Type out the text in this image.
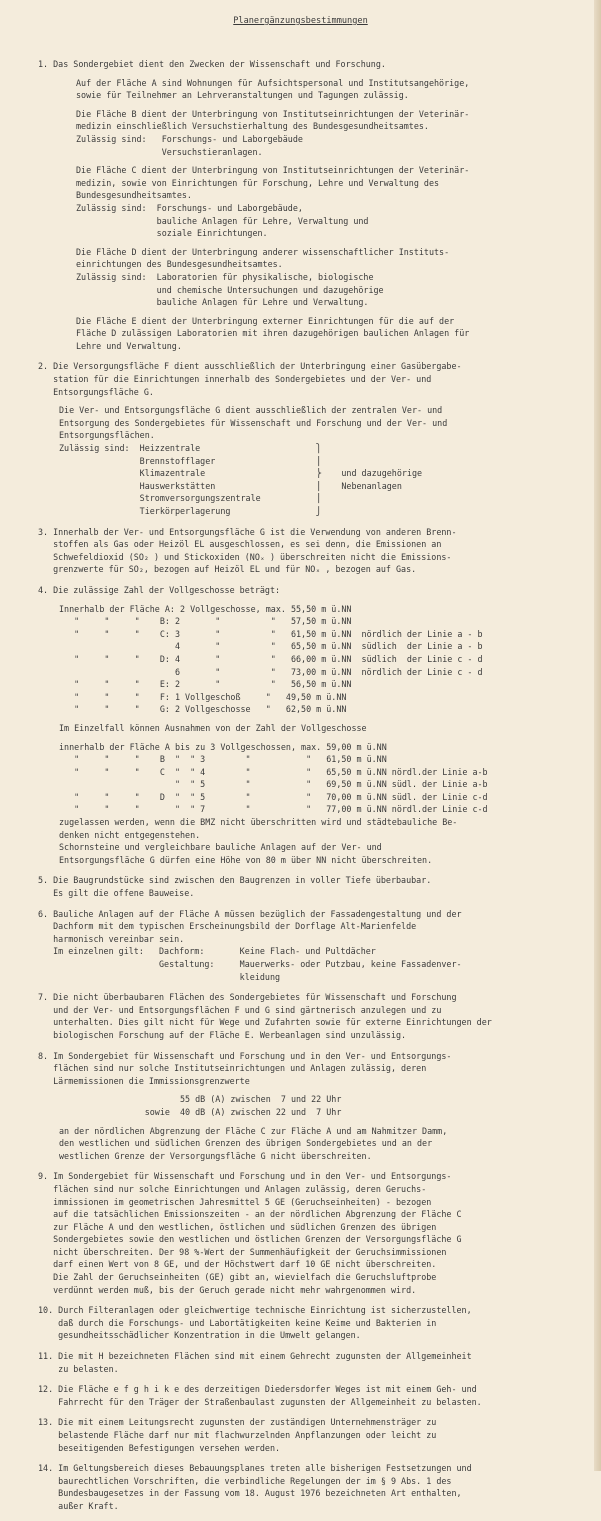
Planergänzungsbestimmungen
1. Das Sondergebiet dient den Zwecken der Wissenschaft und Forschung.
Auf der Fläche A sind Wohnungen für Aufsichtspersonal und Institutsangehörige,
sowie für Teilnehmer an Lehrveranstaltungen und Tagungen zulässig.
Die Fläche B dient der Unterbringung von Institutseinrichtungen der Veterinär-
medizin einschließlich Versuchstierhaltung des Bundesgesundheitsamtes.
Zulässig sind:   Forschungs- und Laborgebäude
Versuchstieranlagen.
Die Fläche C dient der Unterbringung von Institutseinrichtungen der Veterinär-
medizin, sowie von Einrichtungen für Forschung, Lehre und Verwaltung des
Bundesgesundheitsamtes.
Zulässig sind:  Forschungs- und Laborgebäude,
bauliche Anlagen für Lehre, Verwaltung und
soziale Einrichtungen.
Die Fläche D dient der Unterbringung anderer wissenschaftlicher Instituts-
einrichtungen des Bundesgesundheitsamtes.
Zulässig sind:  Laboratorien für physikalische, biologische
und chemische Untersuchungen und dazugehörige
bauliche Anlagen für Lehre und Verwaltung.
Die Fläche E dient der Unterbringung externer Einrichtungen für die auf der
Fläche D zulässigen Laboratorien mit ihren dazugehörigen baulichen Anlagen für
Lehre und Verwaltung.
2. Die Versorgungsfläche F dient ausschließlich der Unterbringung einer Gasübergabe-
station für die Einrichtungen innerhalb des Sondergebietes und der Ver- und
Entsorgungsfläche G.
Die Ver- und Entsorgungsfläche G dient ausschließlich der zentralen Ver- und
Entsorgung des Sondergebietes für Wissenschaft und Forschung und der Ver- und
Entsorgungsflächen.
Zulässig sind:  Heizzentrale                       ⎫
Brennstofflager                    ⎪
Klimazentrale                      ⎬    und dazugehörige
Hauswerkstätten                    ⎪    Nebenanlagen
Stromversorgungszentrale           ⎪
Tierkörperlagerung                 ⎭
3. Innerhalb der Ver- und Entsorgungsfläche G ist die Verwendung von anderen Brenn-
stoffen als Gas oder Heizöl EL ausgeschlossen, es sei denn, die Emissionen an
Schwefeldioxid (SO₂ ) und Stickoxiden (NOₓ ) überschreiten nicht die Emissions-
grenzwerte für SO₂, bezogen auf Heizöl EL und für NOₓ , bezogen auf Gas.
4. Die zulässige Zahl der Vollgeschosse beträgt:
Innerhalb der Fläche A: 2 Vollgeschosse, max. 55,50 m ü.NN
"     "     "    B: 2       "          "   57,50 m ü.NN
"     "     "    C: 3       "          "   61,50 m ü.NN  nördlich der Linie a - b
4       "          "   65,50 m ü.NN  südlich  der Linie a - b
"     "     "    D: 4       "          "   66,00 m ü.NN  südlich  der Linie c - d
6       "          "   73,00 m ü.NN  nördlich der Linie c - d
"     "     "    E: 2       "          "   56,50 m ü.NN
"     "     "    F: 1 Vollgeschoß     "   49,50 m ü.NN
"     "     "    G: 2 Vollgeschosse   "   62,50 m ü.NN
Im Einzelfall können Ausnahmen von der Zahl der Vollgeschosse
innerhalb der Fläche A bis zu 3 Vollgeschossen, max. 59,00 m ü.NN
"     "     "    B  "  " 3        "           "   61,50 m ü.NN
"     "     "    C  "  " 4        "           "   65,50 m ü.NN nördl.der Linie a-b
"  " 5        "           "   69,50 m ü.NN südl. der Linie a-b
"     "     "    D  "  " 5        "           "   70,00 m ü.NN südl. der Linie c-d
"     "     "       "  " 7        "           "   77,00 m ü.NN nördl.der Linie c-d
zugelassen werden, wenn die BMZ nicht überschritten wird und städtebauliche Be-
denken nicht entgegenstehen.
Schornsteine und vergleichbare bauliche Anlagen auf der Ver- und
Entsorgungsfläche G dürfen eine Höhe von 80 m über NN nicht überschreiten.
5. Die Baugrundstücke sind zwischen den Baugrenzen in voller Tiefe überbaubar.
Es gilt die offene Bauweise.
6. Bauliche Anlagen auf der Fläche A müssen bezüglich der Fassadengestaltung und der
Dachform mit dem typischen Erscheinungsbild der Dorflage Alt-Marienfelde
harmonisch vereinbar sein.
Im einzelnen gilt:   Dachform:       Keine Flach- und Pultdächer
Gestaltung:     Mauerwerks- oder Putzbau, keine Fassadenver-
kleidung
7. Die nicht überbaubaren Flächen des Sondergebietes für Wissenschaft und Forschung
und der Ver- und Entsorgungsflächen F und G sind gärtnerisch anzulegen und zu
unterhalten. Dies gilt nicht für Wege und Zufahrten sowie für externe Einrichtungen der
biologischen Forschung auf der Fläche E. Werbeanlagen sind unzulässig.
8. Im Sondergebiet für Wissenschaft und Forschung und in den Ver- und Entsorgungs-
flächen sind nur solche Institutseinrichtungen und Anlagen zulässig, deren
Lärmemissionen die Immissionsgrenzwerte
55 dB (A) zwischen  7 und 22 Uhr
sowie  40 dB (A) zwischen 22 und  7 Uhr
an der nördlichen Abgrenzung der Fläche C zur Fläche A und am Nahmitzer Damm,
den westlichen und südlichen Grenzen des übrigen Sondergebietes und an der
westlichen Grenze der Versorgungsfläche G nicht überschreiten.
9. Im Sondergebiet für Wissenschaft und Forschung und in den Ver- und Entsorgungs-
flächen sind nur solche Einrichtungen und Anlagen zulässig, deren Geruchs-
immissionen im geometrischen Jahresmittel 5 GE (Geruchseinheiten) - bezogen
auf die tatsächlichen Emissionszeiten - an der nördlichen Abgrenzung der Fläche C
zur Fläche A und den westlichen, östlichen und südlichen Grenzen des übrigen
Sondergebietes sowie den westlichen und östlichen Grenzen der Versorgungsfläche G
nicht überschreiten. Der 98 %-Wert der Summenhäufigkeit der Geruchsimmissionen
darf einen Wert von 8 GE, und der Höchstwert darf 10 GE nicht überschreiten.
Die Zahl der Geruchseinheiten (GE) gibt an, wievielfach die Geruchsluftprobe
verdünnt werden muß, bis der Geruch gerade nicht mehr wahrgenommen wird.
10. Durch Filteranlagen oder gleichwertige technische Einrichtung ist sicherzustellen,
daß durch die Forschungs- und Labortätigkeiten keine Keime und Bakterien in
gesundheitsschädlicher Konzentration in die Umwelt gelangen.
11. Die mit H bezeichneten Flächen sind mit einem Gehrecht zugunsten der Allgemeinheit
zu belasten.
12. Die Fläche e f g h i k e des derzeitigen Diedersdorfer Weges ist mit einem Geh- und
Fahrrecht für den Träger der Straßenbaulast zugunsten der Allgemeinheit zu belasten.
13. Die mit einem Leitungsrecht zugunsten der zuständigen Unternehmensträger zu
belastende Fläche darf nur mit flachwurzelnden Anpflanzungen oder leicht zu
beseitigenden Befestigungen versehen werden.
14. Im Geltungsbereich dieses Bebauungsplanes treten alle bisherigen Festsetzungen und
baurechtlichen Vorschriften, die verbindliche Regelungen der im § 9 Abs. 1 des
Bundesbaugesetzes in der Fassung vom 18. August 1976 bezeichneten Art enthalten,
außer Kraft.
